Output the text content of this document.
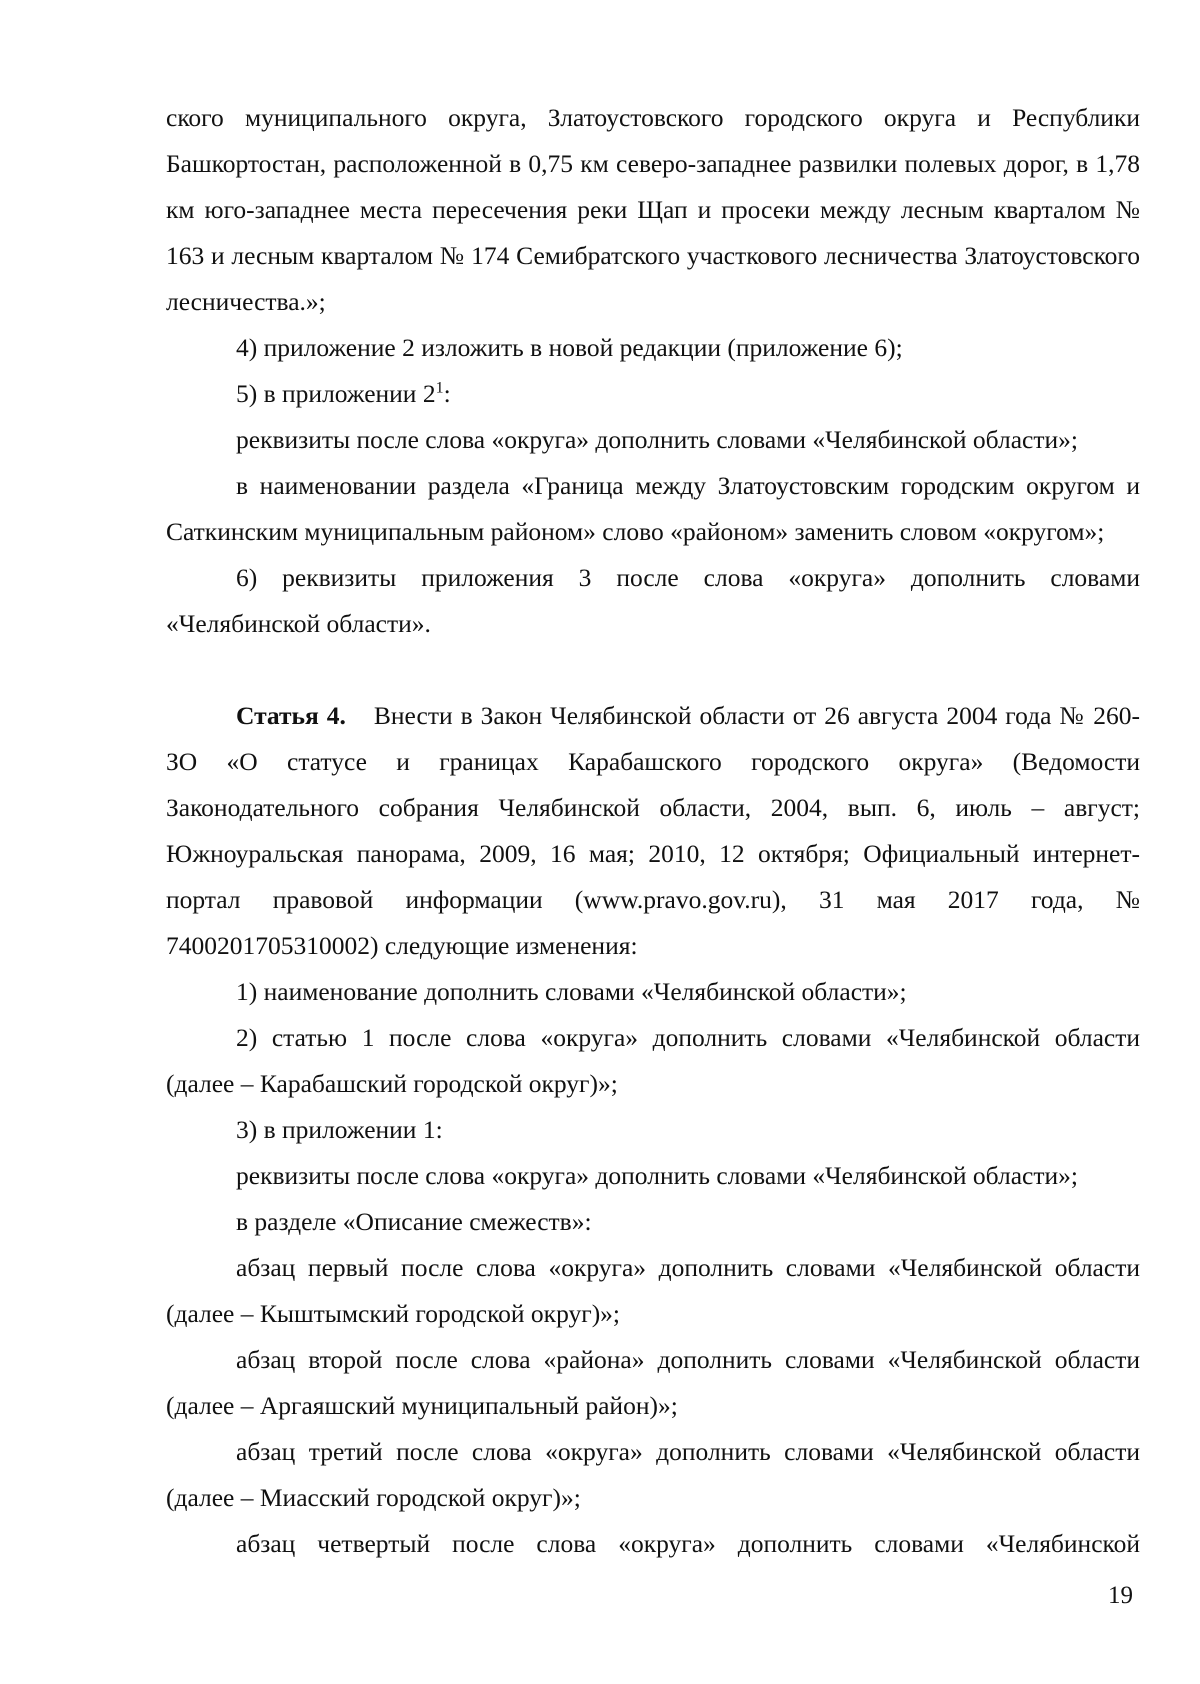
ского муниципального округа, Златоустовского городского округа и Республики Башкортостан, расположенной в 0,75 км северо-западнее развилки полевых дорог, в 1,78 км юго-западнее места пересечения реки Щап и просеки между лесным кварталом № 163 и лесным кварталом № 174 Семибратского участкового лесничества Златоустовского лесничества.»;

4) приложение 2 изложить в новой редакции (приложение 6);

5) в приложении $2^1$:

реквизиты после слова «округа» дополнить словами «Челябинской области»;

в наименовании раздела «Граница между Златоустовским городским округом и Саткинским муниципальным районом» слово «районом» заменить словом «округом»;

6) реквизиты приложения 3 после слова «округа» дополнить словами «Челябинской области».

Статья 4. Внести в Закон Челябинской области от 26 августа 2004 года № 260-ЗО «О статусе и границах Карабашского городского округа» (Ведомости Законодательного собрания Челябинской области, 2004, вып. 6, июль – август; Южноуральская панорама, 2009, 16 мая; 2010, 12 октября; Официальный интернет-портал правовой информации (www.pravo.gov.ru), 31 мая 2017 года, № 7400201705310002) следующие изменения:

1) наименование дополнить словами «Челябинской области»;

2) статью 1 после слова «округа» дополнить словами «Челябинской области (далее – Карабашский городской округ)»;

3) в приложении 1:

реквизиты после слова «округа» дополнить словами «Челябинской области»;

в разделе «Описание смежеств»:

абзац первый после слова «округа» дополнить словами «Челябинской области (далее – Кыштымский городской округ)»;

абзац второй после слова «района» дополнить словами «Челябинской области (далее – Аргаяшский муниципальный район)»;

абзац третий после слова «округа» дополнить словами «Челябинской области (далее – Миасский городской округ)»;

абзац четвертый после слова «округа» дополнить словами «Челябинской

19
